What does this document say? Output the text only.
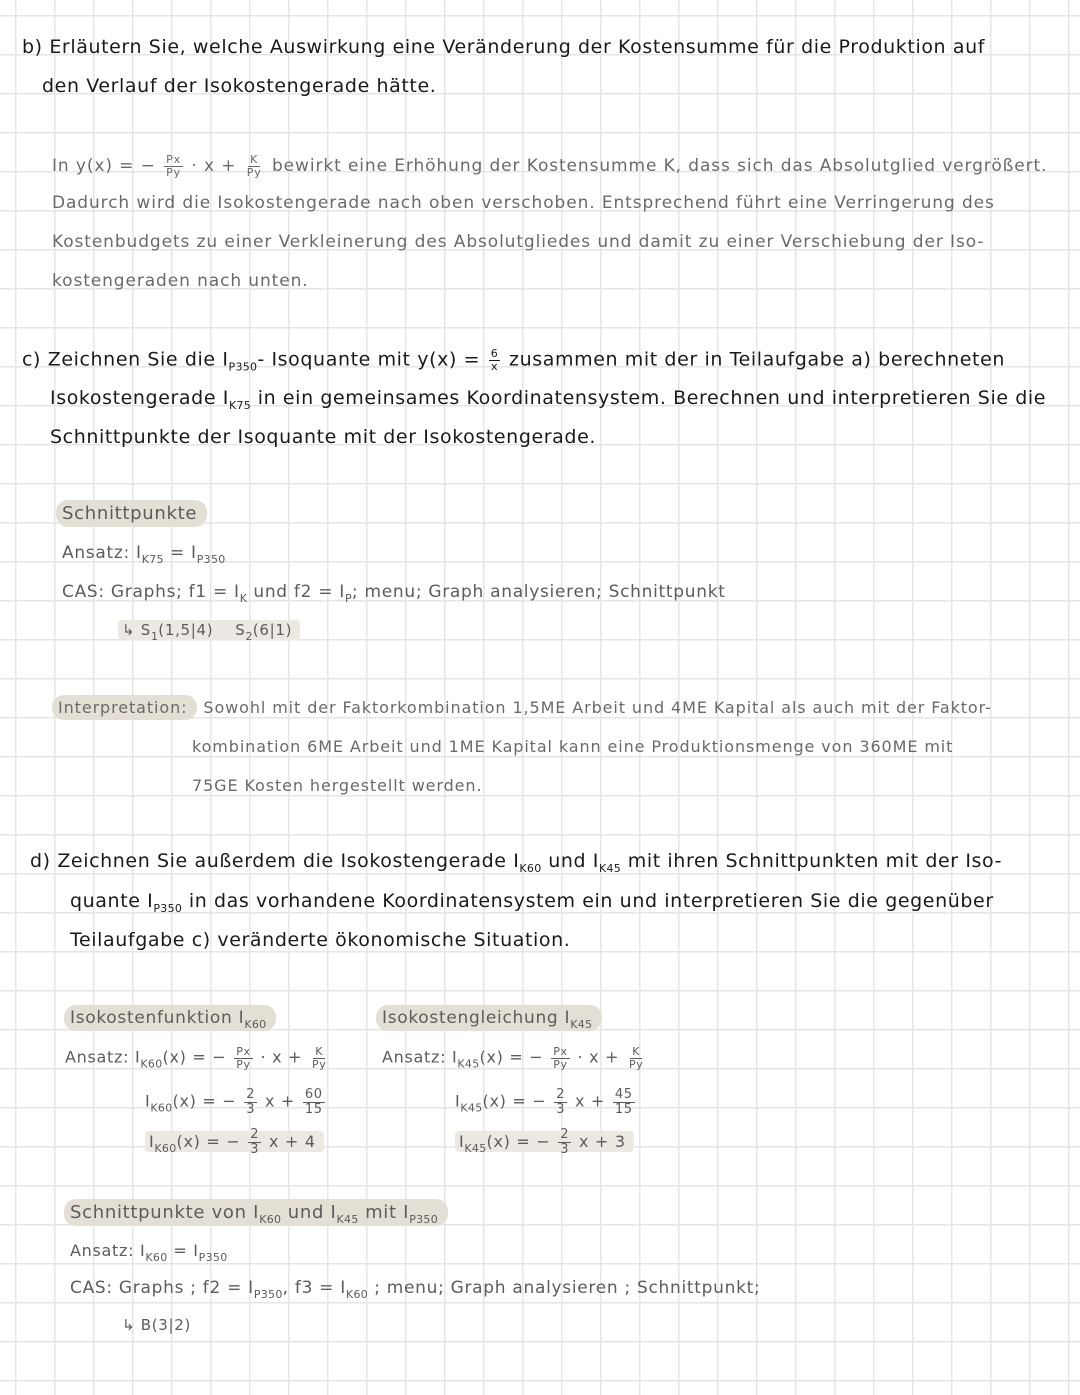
b) Erläutern Sie, welche Auswirkung eine Veränderung der Kostensumme für die Produktion auf
den Verlauf der Isokostengerade hätte.
In y(x) = − $\frac{Px}{Py} \cdot x + \frac{K}{Py}$ bewirkt eine Erhöhung der Kostensumme K, dass sich das Absolutglied vergrößert.
Dadurch wird die Isokostengerade nach oben verschoben. Entsprechend führt eine Verringerung des
Kostenbudgets zu einer Verkleinerung des Absolutgliedes und damit zu einer Verschiebung der Iso-
kostengeraden nach unten.
c) Zeichnen Sie die $I_{P350}-$ Isoquante mit $y(x) = \frac{6}{x}$ zusammen mit der in Teilaufgabe a) berechneten
Isokostengerade $I_{K75}$ in ein gemeinsames Koordinatensystem. Berechnen und interpretieren Sie die
Schnittpunkte der Isoquante mit der Isokostengerade.
Schnittpunkte
Ansatz: $I_{K75} = I_{P350}$
CAS: Graphs; $f1 = I_K$ und $f2 = I_P$; menu; Graph analysieren; Schnittpunkt
↳ $S_1(1,5|4)$ $S_2(6|1)$
Interpretation: Sowohl mit der Faktorkombination 1,5ME Arbeit und 4ME Kapital als auch mit der Faktor-
kombination 6ME Arbeit und 1ME Kapital kann eine Produktionsmenge von 360ME mit
75GE Kosten hergestellt werden.
d) Zeichnen Sie außerdem die Isokostengerade $I_{K60}$ und $I_{K45}$ mit ihren Schnittpunkten mit der Iso-
quante $I_{P350}$ in das vorhandene Koordinatensystem ein und interpretieren Sie die gegenüber
Teilaufgabe c) veränderte ökonomische Situation.
Isokostenfunktion $I_{K60}$
Ansatz: $I_{K60}(x)$ = − $\frac{Px}{Py} \cdot x + \frac{K}{Py}$
$I_{K60}(x)$ = − $\frac{2}{3}$ $x + \frac{60}{15}$
$I_{K60}(x)$ = − $\frac{2}{3}$ x + 4
Isokostengleichung $I_{K45}$
Ansatz: $I_{K45}(x)$ = − $\frac{Px}{Py} \cdot x + \frac{K}{Py}$
$I_{K45}(x)$ = − $\frac{2}{3}$ $x + \frac{45}{15}$
$I_{K45}(x)$ = − $\frac{2}{3}$ x + 3
Schnittpunkte von $I_{K60}$ und $I_{K45}$ mit $I_{P350}$
Ansatz: $I_{K60} = I_{P350}$
CAS: Graphs ; $f2 = I_{P350}$, $f3 = I_{K60}$ ; menu; Graph analysieren ; Schnittpunkt;
↳ B(3|2)
